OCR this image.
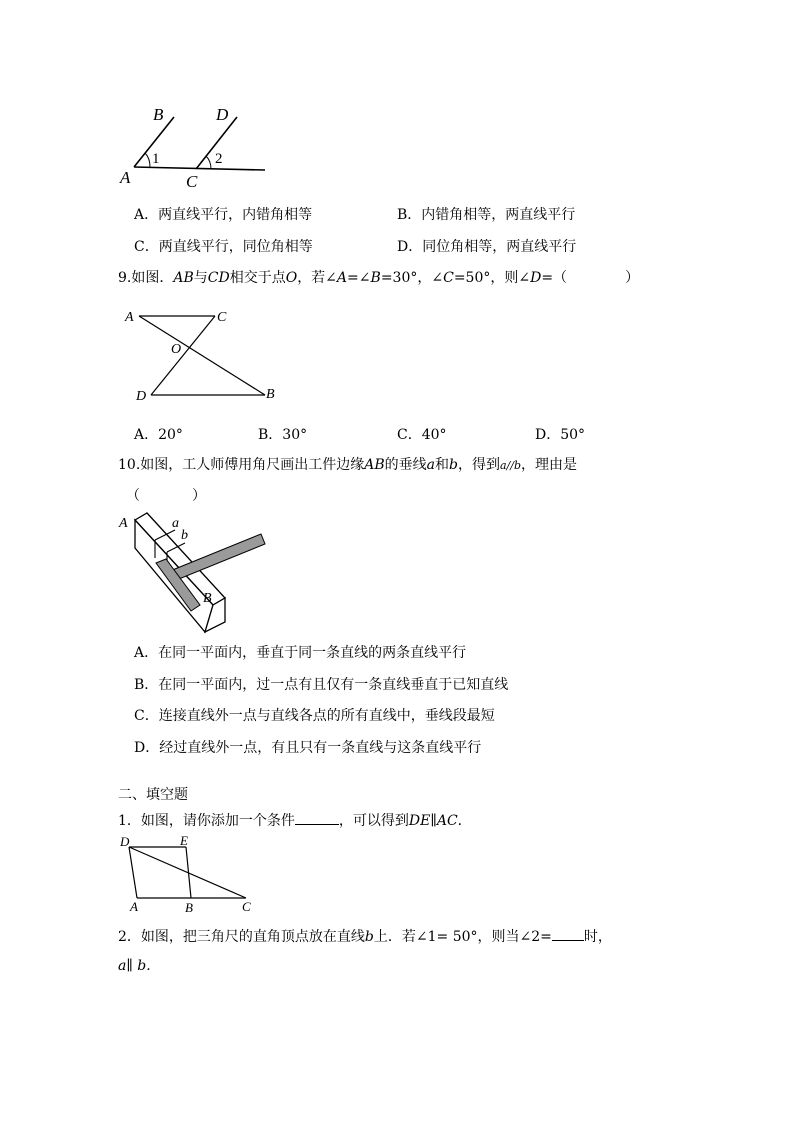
B	D
1	2
A	C
A．两直线平行，内错角相等	B．内错角相等，两直线平行
C．两直线平行，同位角相等	D．同位角相等，两直线平行
9.如图．AB与CD相交于点O，若∠A=∠B=30°，∠C=50°，则∠D=（	）
A	C
O
D	B
A．20°	B．30°	C．40°	D．50°
10.如图，工人师傅用角尺画出工件边缘AB的垂线a和b，得到a//b，理由是
（	）
A	a
b
B
A．在同一平面内，垂直于同一条直线的两条直线平行
B．在同一平面内，过一点有且仅有一条直线垂直于已知直线
C．连接直线外一点与直线各点的所有直线中，垂线段最短
D．经过直线外一点，有且只有一条直线与这条直线平行
二、填空题
1．如图，请你添加一个条件	，可以得到DE∥AC．
D	E
A	B	C
2．如图，把三角尺的直角顶点放在直线b上．若∠1= 50°，则当∠2= 时，
a∥ b.
